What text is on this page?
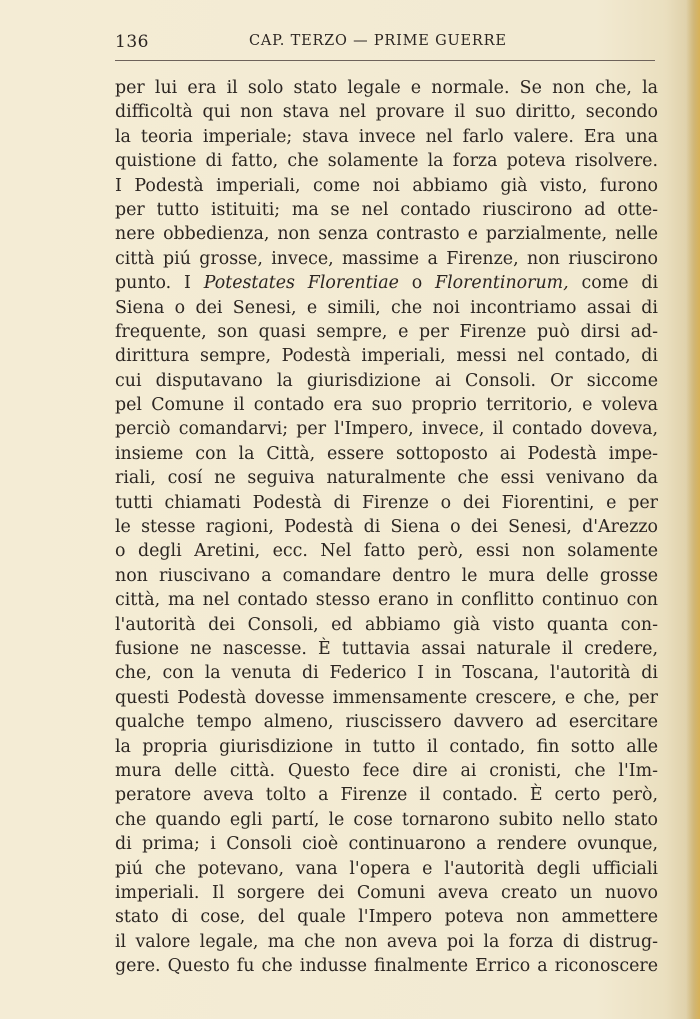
136	CAP. TERZO — PRIME GUERRE
per lui era il solo stato legale e normale. Se non che, la
difficoltà qui non stava nel provare il suo diritto, secondo
la teoria imperiale; stava invece nel farlo valere. Era una
quistione di fatto, che solamente la forza poteva risolvere.
I Podestà imperiali, come noi abbiamo già visto, furono
per tutto istituiti; ma se nel contado riuscirono ad otte-
nere obbedienza, non senza contrasto e parzialmente, nelle
città piú grosse, invece, massime a Firenze, non riuscirono
punto. I Potestates Florentiae o Florentinorum, come di
Siena o dei Senesi, e simili, che noi incontriamo assai di
frequente, son quasi sempre, e per Firenze può dirsi ad-
dirittura sempre, Podestà imperiali, messi nel contado, di
cui disputavano la giurisdizione ai Consoli. Or siccome
pel Comune il contado era suo proprio territorio, e voleva
perciò comandarvi; per l'Impero, invece, il contado doveva,
insieme con la Città, essere sottoposto ai Podestà impe-
riali, cosí ne seguiva naturalmente che essi venivano da
tutti chiamati Podestà di Firenze o dei Fiorentini, e per
le stesse ragioni, Podestà di Siena o dei Senesi, d'Arezzo
o degli Aretini, ecc. Nel fatto però, essi non solamente
non riuscivano a comandare dentro le mura delle grosse
città, ma nel contado stesso erano in conflitto continuo con
l'autorità dei Consoli, ed abbiamo già visto quanta con-
fusione ne nascesse. È tuttavia assai naturale il credere,
che, con la venuta di Federico I in Toscana, l'autorità di
questi Podestà dovesse immensamente crescere, e che, per
qualche tempo almeno, riuscissero davvero ad esercitare
la propria giurisdizione in tutto il contado, fin sotto alle
mura delle città. Questo fece dire ai cronisti, che l'Im-
peratore aveva tolto a Firenze il contado. È certo però,
che quando egli partí, le cose tornarono subito nello stato
di prima; i Consoli cioè continuarono a rendere ovunque,
piú che potevano, vana l'opera e l'autorità degli ufficiali
imperiali. Il sorgere dei Comuni aveva creato un nuovo
stato di cose, del quale l'Impero poteva non ammettere
il valore legale, ma che non aveva poi la forza di distrug-
gere. Questo fu che indusse finalmente Errico a riconoscere
